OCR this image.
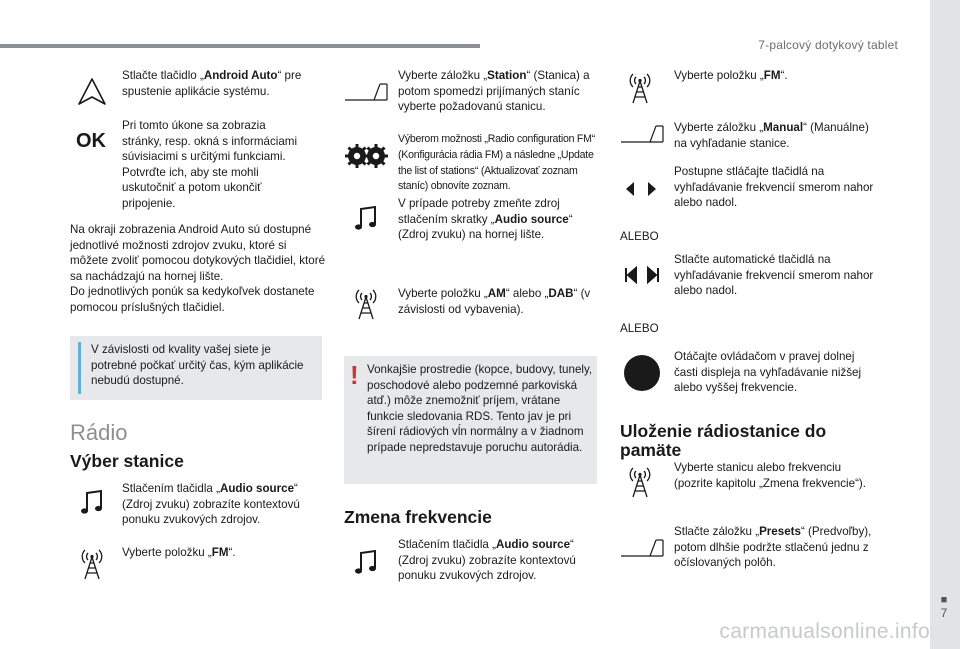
7-palcový dotykový tablet
■
7
carmanualsonline.info
Stlačte tlačidlo „Android Auto“ pre spustenie aplikácie systému.
OK
Pri tomto úkone sa zobrazia stránky, resp. okná s informáciami súvisiacimi s určitými funkciami. Potvrďte ich, aby ste mohli uskutočniť a potom ukončiť pripojenie.
Na okraji zobrazenia Android Auto sú dostupné jednotlivé možnosti zdrojov zvuku, ktoré si môžete zvoliť pomocou dotykových tlačidiel, ktoré sa nachádzajú na hornej lište.
Do jednotlivých ponúk sa kedykoľvek dostanete pomocou príslušných tlačidiel.
V závislosti od kvality vašej siete je potrebné počkať určitý čas, kým aplikácie nebudú dostupné.
Rádio
Výber stanice
Stlačením tlačidla „Audio source“ (Zdroj zvuku) zobrazíte kontextovú ponuku zvukových zdrojov.
Vyberte položku „FM“.
Vyberte záložku „Station“ (Stanica) a potom spomedzi prijímaných staníc vyberte požadovanú stanicu.
Výberom možnosti „Radio configuration FM“ (Konfigurácia rádia FM) a následne „Update the list of stations“ (Aktualizovať zoznam staníc) obnovíte zoznam.
V prípade potreby zmeňte zdroj stlačením skratky „Audio source“ (Zdroj zvuku) na hornej lište.
Vyberte položku „AM“ alebo „DAB“ (v závislosti od vybavenia).
! Vonkajšie prostredie (kopce, budovy, tunely, poschodové alebo podzemné parkoviská atď.) môže znemožniť príjem, vrátane funkcie sledovania RDS. Tento jav je pri šírení rádiových vĺn normálny a v žiadnom prípade nepredstavuje poruchu autorádia.
Zmena frekvencie
Stlačením tlačidla „Audio source“ (Zdroj zvuku) zobrazíte kontextovú ponuku zvukových zdrojov.
Vyberte položku „FM“.
Vyberte záložku „Manual“ (Manuálne) na vyhľadanie stanice.
Postupne stláčajte tlačidlá na vyhľadávanie frekvencií smerom nahor alebo nadol.
ALEBO
Stlačte automatické tlačidlá na vyhľadávanie frekvencií smerom nahor alebo nadol.
ALEBO
Otáčajte ovládačom v pravej dolnej časti displeja na vyhľadávanie nižšej alebo vyššej frekvencie.
Uloženie rádiostanice do pamäte
Vyberte stanicu alebo frekvenciu (pozrite kapitolu „Zmena frekvencie“).
Stlačte záložku „Presets“ (Predvoľby), potom dlhšie podržte stlačenú jednu z očíslovaných polôh.
